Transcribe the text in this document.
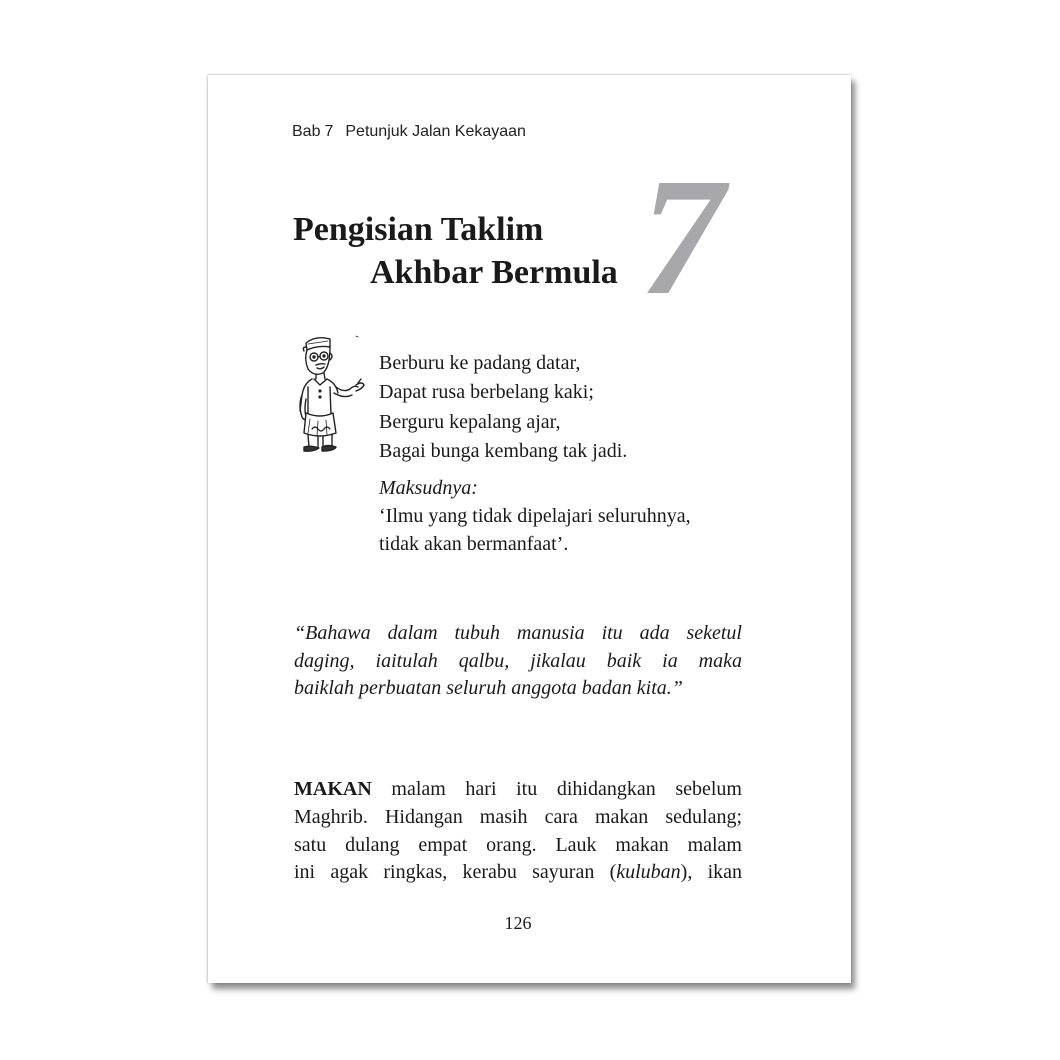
Bab 7 Petunjuk Jalan Kekayaan
7
Pengisian Taklim
Akhbar Bermula
Berburu ke padang datar,
Dapat rusa berbelang kaki;
Berguru kepalang ajar,
Bagai bunga kembang tak jadi.
Maksudnya:
‘Ilmu yang tidak dipelajari seluruhnya,
tidak akan bermanfaat’.
“Bahawa dalam tubuh manusia itu ada seketul
daging, iaitulah qalbu, jikalau baik ia maka
baiklah perbuatan seluruh anggota badan kita.”
MAKAN malam hari itu dihidangkan sebelum
Maghrib. Hidangan masih cara makan sedulang;
satu dulang empat orang. Lauk makan malam
ini agak ringkas, kerabu sayuran (kuluban), ikan
126
